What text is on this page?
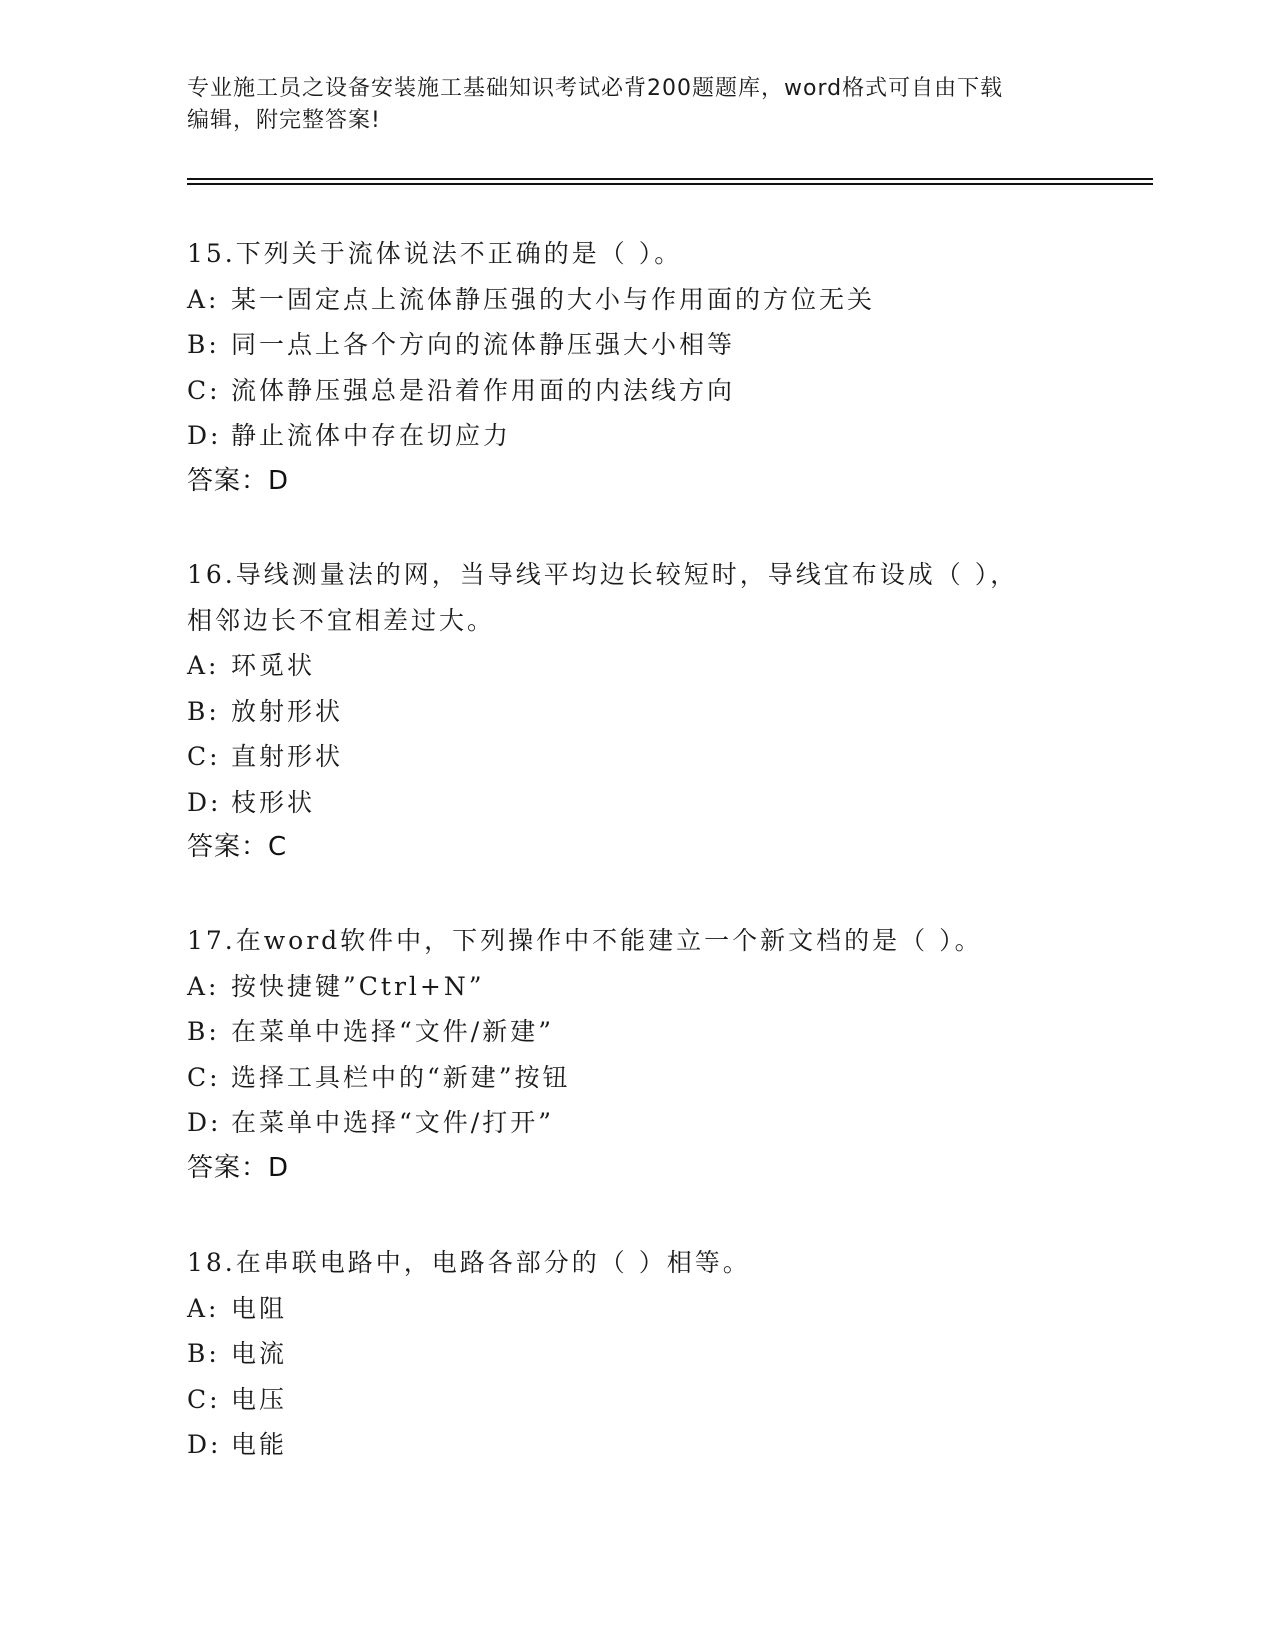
专业施工员之设备安装施工基础知识考试必背200题题库，word格式可自由下载
编辑，附完整答案!
15.下列关于流体说法不正确的是（ ）。
A: 某一固定点上流体静压强的大小与作用面的方位无关
B: 同一点上各个方向的流体静压强大小相等
C: 流体静压强总是沿着作用面的内法线方向
D: 静止流体中存在切应力
答案：D
16.导线测量法的网，当导线平均边长较短时，导线宜布设成（ ），
相邻边长不宜相差过大。
A: 环觅状
B: 放射形状
C: 直射形状
D: 枝形状
答案：C
17.在word软件中，下列操作中不能建立一个新文档的是（ ）。
A: 按快捷键”Ctrl+N”
B: 在菜单中选择“文件/新建”
C: 选择工具栏中的“新建”按钮
D: 在菜单中选择“文件/打开”
答案：D
18.在串联电路中，电路各部分的（ ）相等。
A: 电阻
B: 电流
C: 电压
D: 电能
